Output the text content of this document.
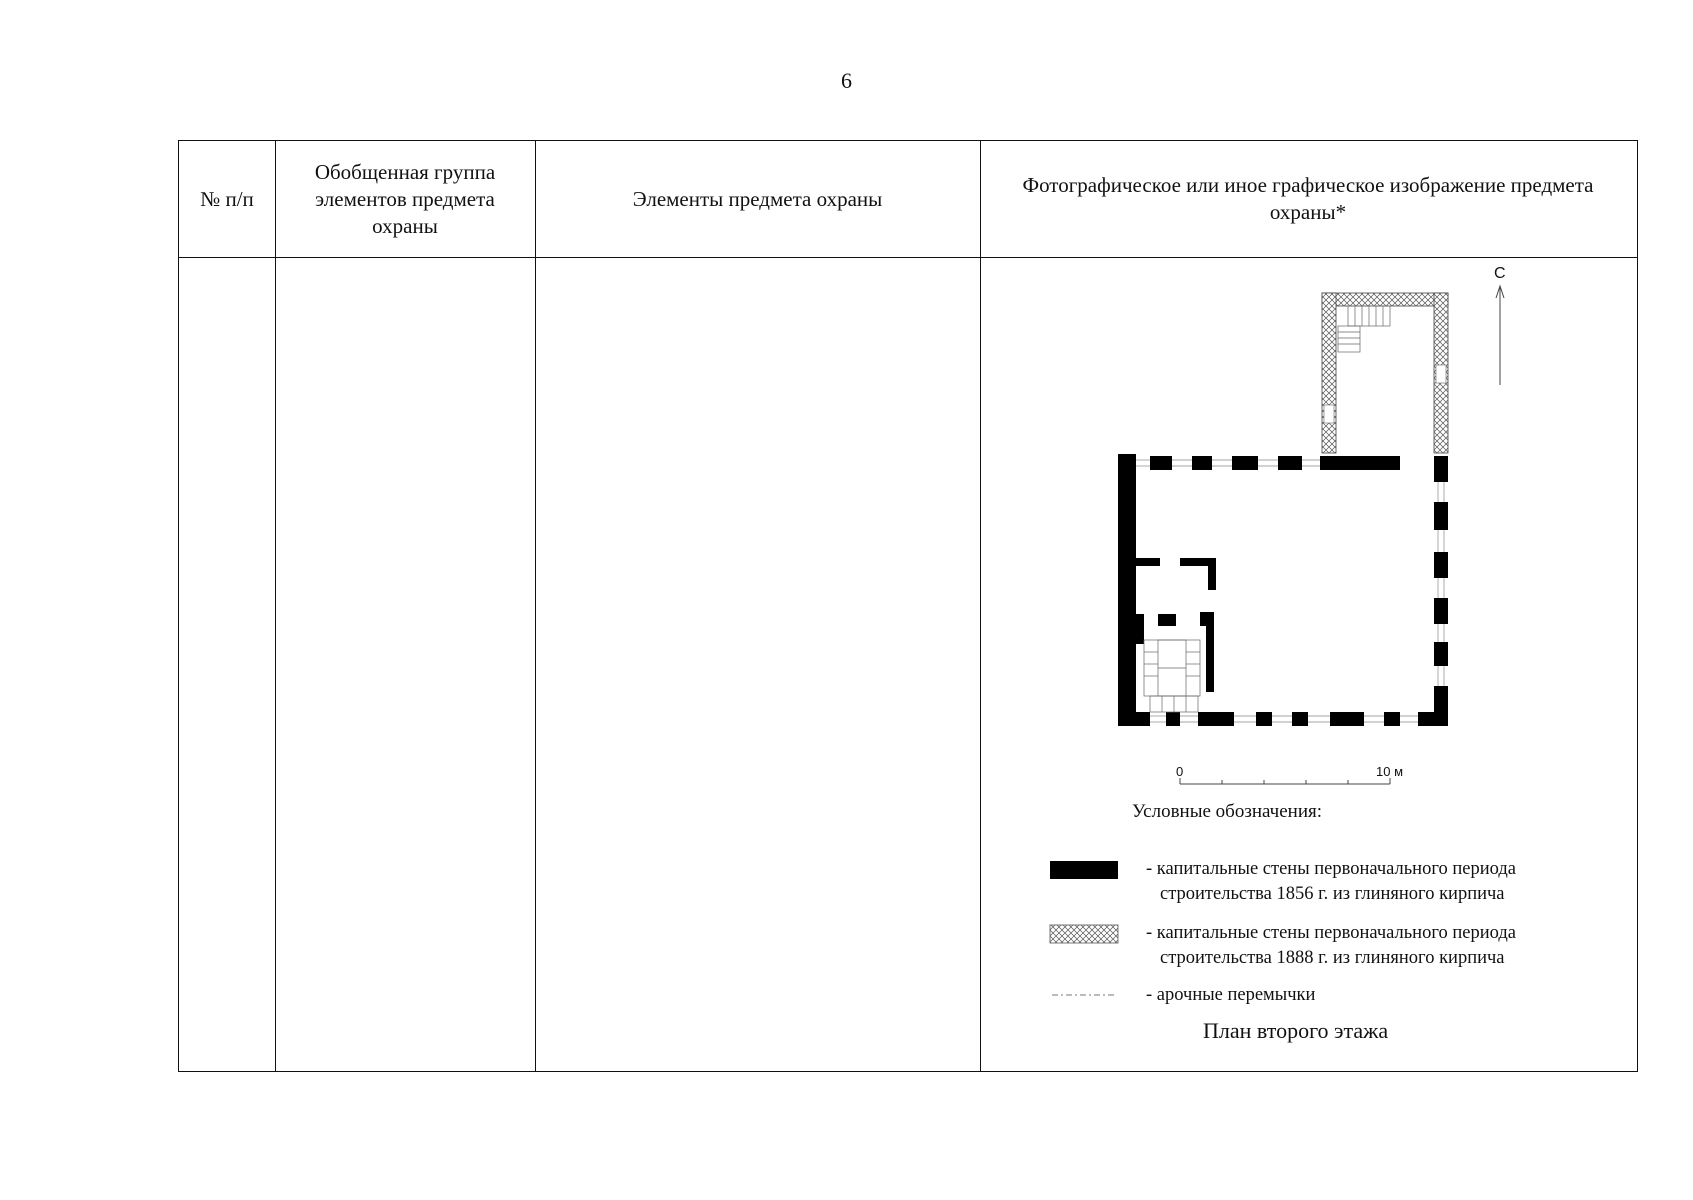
6
№ п/п
Обобщенная группа элементов предмета охраны
Элементы предмета охраны
Фотографическое или иное графическое изображение предмета охраны*
С
0	10 м
Условные обозначения:
- капитальные стены первоначального периода
строительства 1856 г. из глиняного кирпича
- капитальные стены первоначального периода
строительства 1888 г. из глиняного кирпича
- арочные перемычки
План второго этажа
